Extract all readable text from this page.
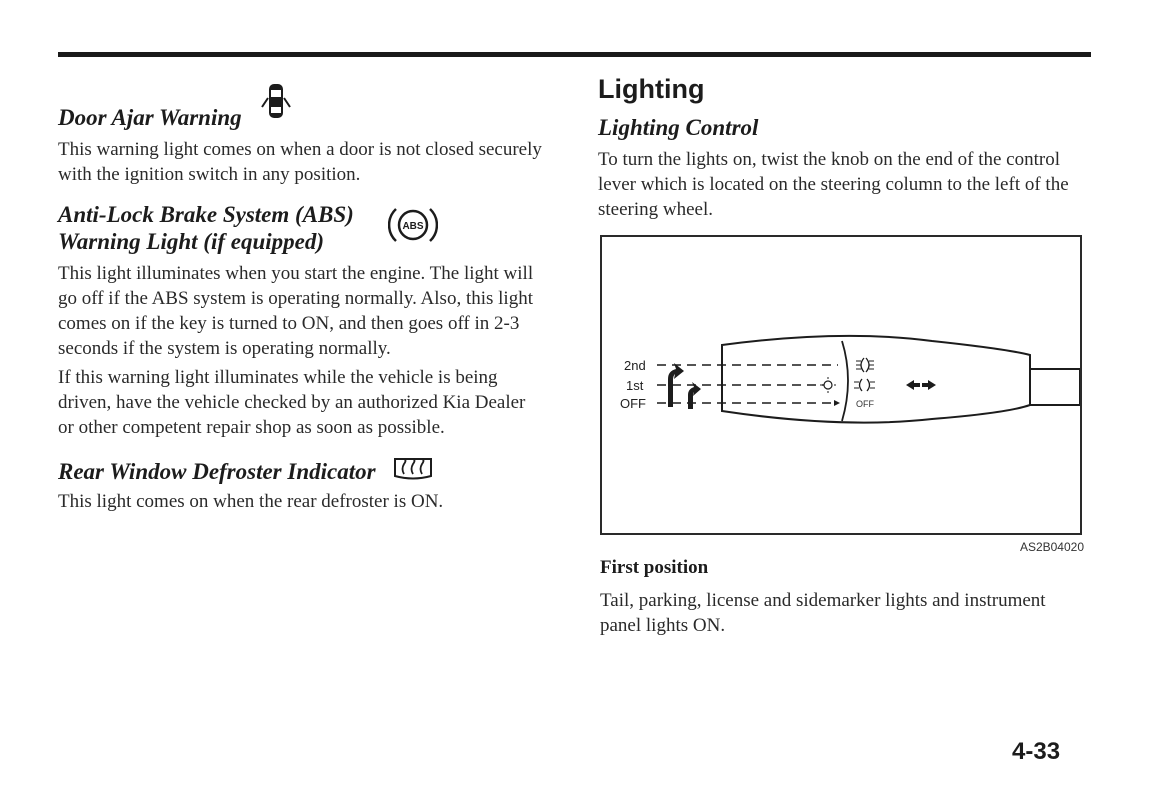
Door Ajar Warning

This warning light comes on when a door is not closed securely with the ignition switch in any position.

Anti-Lock Brake System (ABS)
Warning Light (if equipped)
ABS

This light illuminates when you start the engine. The light will go off if the ABS system is operating normally. Also, this light comes on if the key is turned to ON, and then goes off in 2-3 seconds if the system is operating normally.

If this warning light illuminates while the vehicle is being driven, have the vehicle checked by an authorized Kia Dealer or other competent repair shop as soon as possible.

Rear Window Defroster Indicator

This light comes on when the rear defroster is ON.

Lighting
Lighting Control

To turn the lights on, twist the knob on the end of the control lever which is located on the steering column to the left of the steering wheel.

2nd
1st
OFF	OFF
AS2B04020
First position

Tail, parking, license and sidemarker lights and instrument panel lights ON.

4-33
